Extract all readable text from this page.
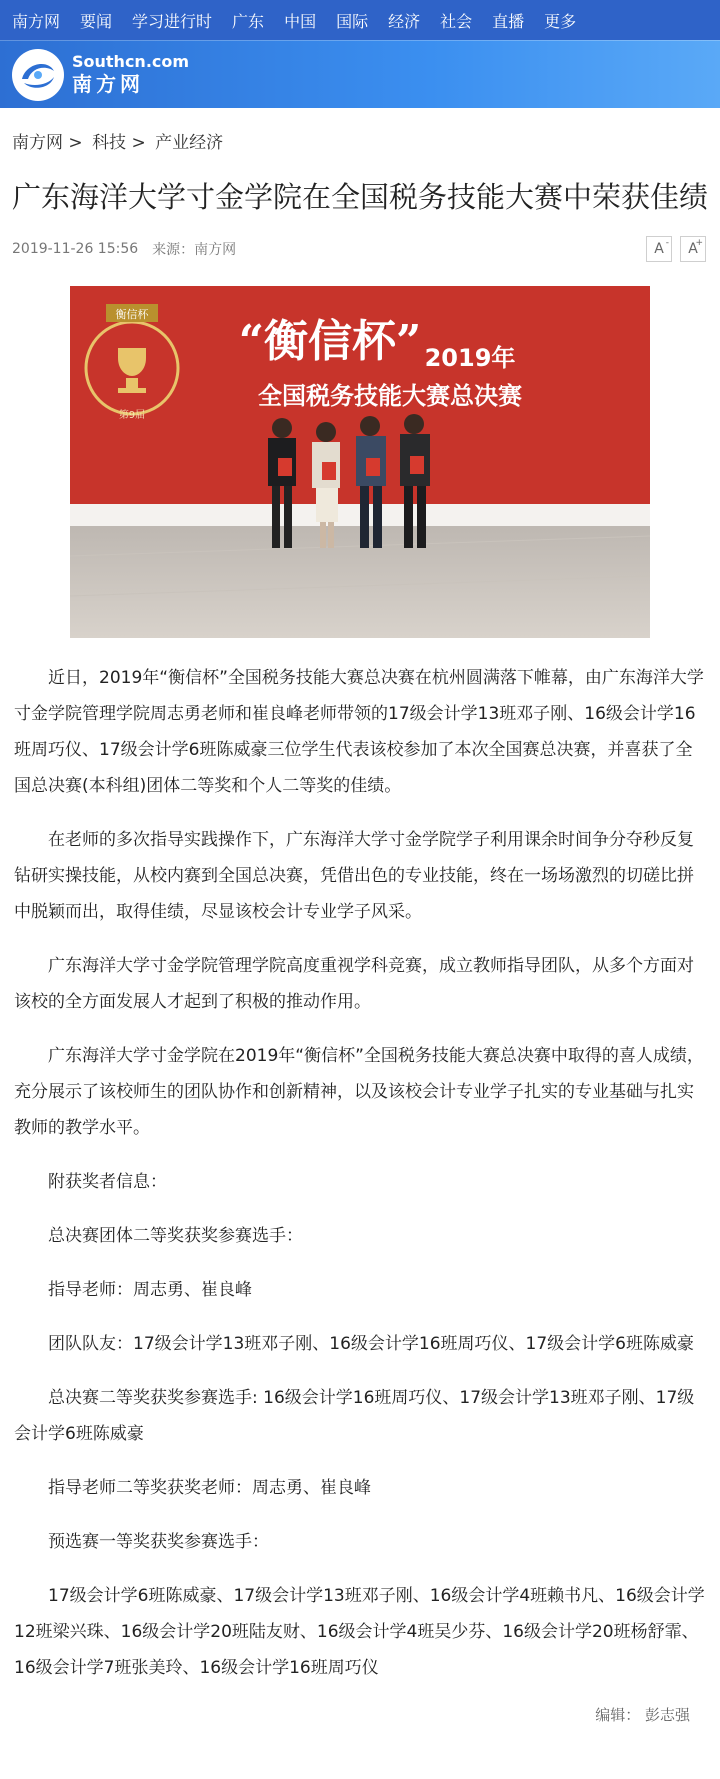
南方网 要闻 学习进行时 广东 中国 国际 经济 社会 直播 更多
Southcn.com
南方网
南方网 > 科技 > 产业经济
广东海洋大学寸金学院在全国税务技能大赛中荣获佳绩
2019-11-26 15:56 来源：南方网	A- A
+
衡信杯
第9届
“衡信杯” 2019年
全国税务技能大赛总决赛

近日，2019年“衡信杯”全国税务技能大赛总决赛在杭州圆满落下帷幕，由广东海洋大学寸金学院管理学院周志勇老师和崔良峰老师带领的17级会计学13班邓子刚、16级会计学16班周巧仪、17级会计学6班陈威豪三位学生代表该校参加了本次全国赛总决赛，并喜获了全国总决赛(本科组)团体二等奖和个人二等奖的佳绩。

在老师的多次指导实践操作下，广东海洋大学寸金学院学子利用课余时间争分夺秒反复钻研实操技能，从校内赛到全国总决赛，凭借出色的专业技能，终在一场场激烈的切磋比拼中脱颖而出，取得佳绩，尽显该校会计专业学子风采。

广东海洋大学寸金学院管理学院高度重视学科竞赛，成立教师指导团队，从多个方面对该校的全方面发展人才起到了积极的推动作用。

广东海洋大学寸金学院在2019年“衡信杯”全国税务技能大赛总决赛中取得的喜人成绩，充分展示了该校师生的团队协作和创新精神，以及该校会计专业学子扎实的专业基础与扎实教师的教学水平。

附获奖者信息：

总决赛团体二等奖获奖参赛选手：

指导老师：周志勇、崔良峰

团队队友：17级会计学13班邓子刚、16级会计学16班周巧仪、17级会计学6班陈威豪

总决赛二等奖获奖参赛选手: 16级会计学16班周巧仪、17级会计学13班邓子刚、17级会计学6班陈威豪

指导老师二等奖获奖老师：周志勇、崔良峰

预选赛一等奖获奖参赛选手：

17级会计学6班陈威豪、17级会计学13班邓子刚、16级会计学4班赖书凡、16级会计学12班梁兴珠、16级会计学20班陆友财、16级会计学4班吴少芬、16级会计学20班杨舒霏、16级会计学7班张美玲、16级会计学16班周巧仪

编辑： 彭志强
